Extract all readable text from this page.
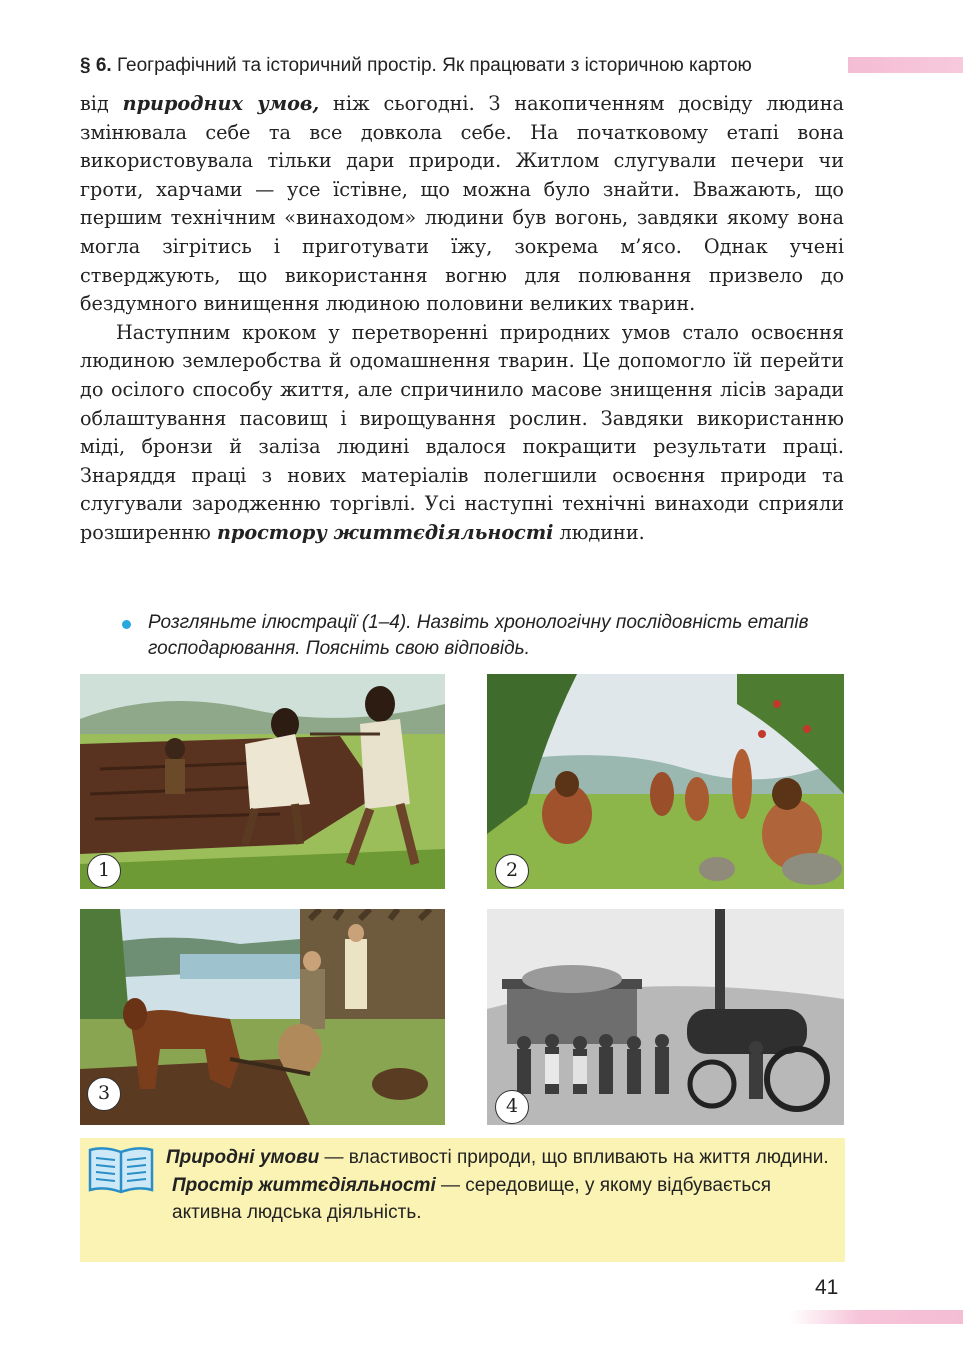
§ 6. Географічний та історичний простір. Як працювати з історичною картою

від природних умов, ніж сьогодні. З накопиченням досвіду людина змінювала себе та все довкола себе. На початковому етапі вона використовувала тільки дари природи. Житлом слугували печери чи гроти, харчами — усе їстівне, що можна було знайти. Вважають, що першим технічним «винаходом» людини був вогонь, завдяки якому вона могла зігрітись і приготувати їжу, зокрема м’ясо. Однак учені стверджують, що використання вогню для полювання призвело до бездумного винищення людиною половини великих тварин.

Наступним кроком у перетворенні природних умов стало освоєння людиною землеробства й одомашнення тварин. Це допомогло їй перейти до осілого способу життя, але спричинило масове знищення лісів заради облаштування пасовищ і вирощування рослин. Завдяки використанню міді, бронзи й заліза людині вдалося покращити результати праці. Знаряддя праці з нових матеріалів полегшили освоєння природи та слугували зародженню торгівлі. Усі наступні технічні винаходи сприяли розширенню простору життєдіяльності людини.

Розгляньте ілюстрації (1–4). Назвіть хронологічну послідовність етапів господарювання. Поясніть свою відповідь.
1	2
3
4

Природні умови — властивості природи, що впливають на життя людини.

Простір життєдіяльності — середовище, у якому відбувається активна людська діяльність.

41
